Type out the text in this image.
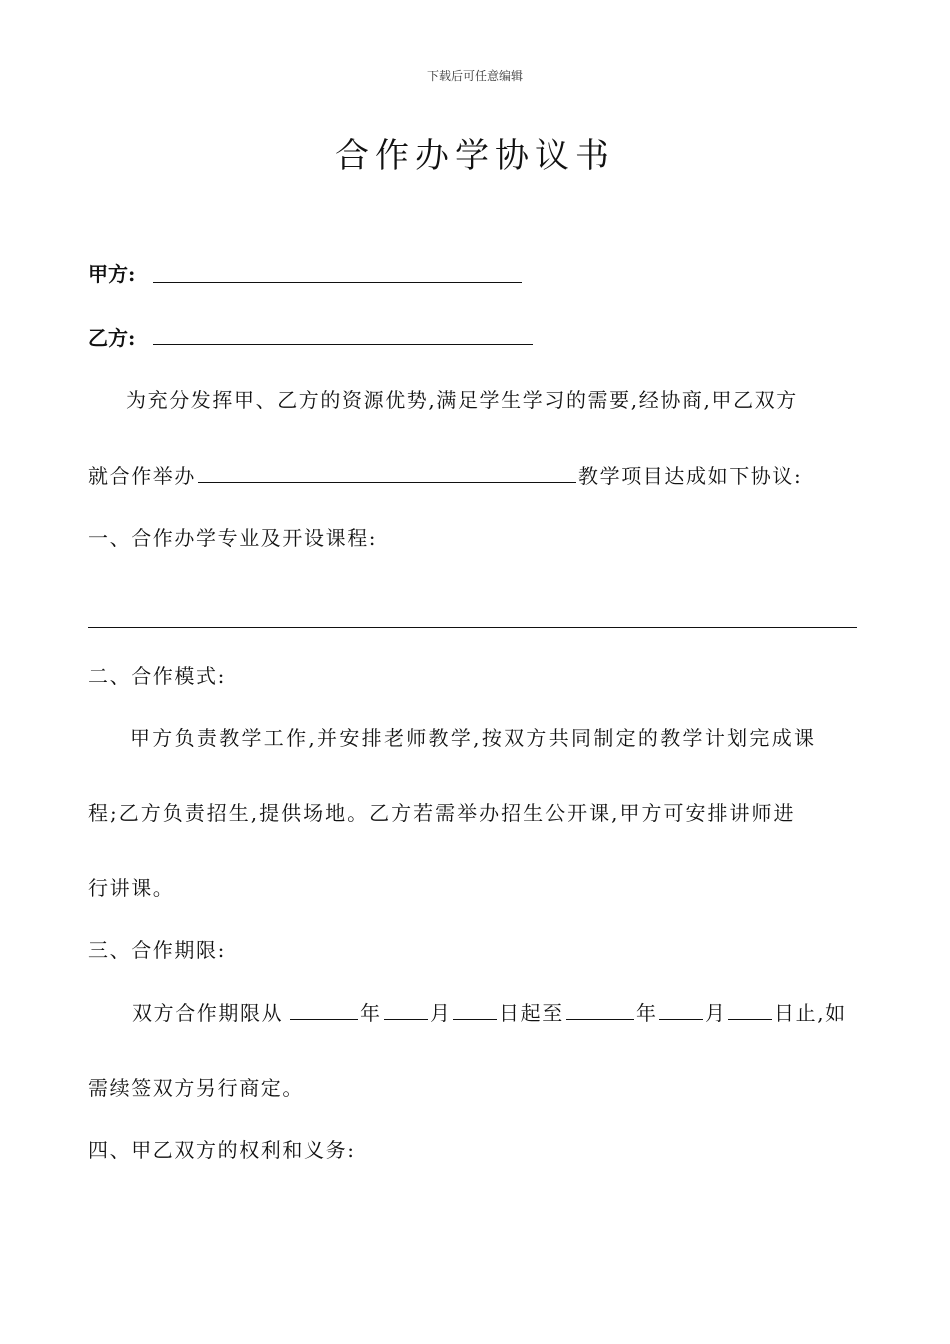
下载后可任意编辑
合作办学协议书
甲方:
乙方:
为充分发挥甲、乙方的资源优势,满足学生学习的需要,经协商,甲乙双方
就合作举办	教学项目达成如下协议:
一、合作办学专业及开设课程:
二、合作模式:
甲方负责教学工作,并安排老师教学,按双方共同制定的教学计划完成课
程;乙方负责招生,提供场地。乙方若需举办招生公开课,甲方可安排讲师进
行讲课。
三、合作期限:
双方合作期限从	年 月 日起至	年 月 日止,如
需续签双方另行商定。
四、甲乙双方的权利和义务:
